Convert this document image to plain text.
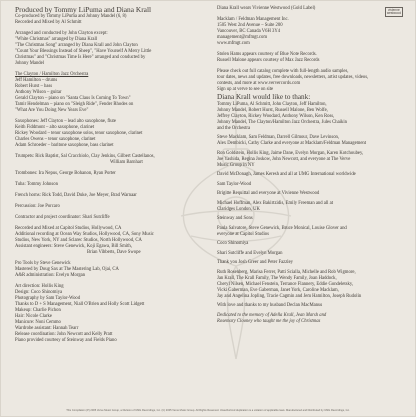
Produced by Tommy LiPuma and Diana Krall
Co-produced by Tommy LiPuma and Johnny Mandel (6, 8)
Recorded and Mixed by Al Schmitt
Arranged and conducted by John Clayton except:
"White Christmas" arranged by Diana Krall
"The Christmas Song" arranged by Diana Krall and John Clayton
"Count Your Blessings Instead of Sheep", "Have Yourself A Merry Little
Christmas" and "Christmas Time Is Here" arranged and conducted by
Johnny Mandel
The Clayton / Hamilton Jazz Orchestra
Jeff Hamilton – drums
Robert Hurst – bass
Anthony Wilson – guitar
Gerald Clayton – piano on "Santa Claus Is Coming To Town"
Tamir Hendelman – piano on "Sleigh Ride", Fender Rhodes on
"What Are You Doing New Years Eve"
Saxophones: Jeff Clayton – lead alto saxophone, flute
Keith Fiddmont – alto saxophone, clarinet
Rickey Woodard – tenor saxophone solos, tenor saxophone, clarinet
Charles Owens – tenor saxophone, clarinet
Adam Schroeder – baritone saxophone, bass clarinet
Trumpets: Rick Baptist, Sal Cracchiolo, Clay Jenkins, Gilbert Castellanos,
William Barnhart
Trombones: Ira Nepus, George Bohanon, Ryan Porter
Tuba: Tommy Johnson
French horns: Rick Todd, David Duke, Joe Meyer, Brad Warnaar
Percussion: Joe Porcaro
Contractor and project coordinator: Shari Sutcliffe
Recorded and Mixed at Capitol Studios, Hollywood, CA
Additional recording at Ocean Way Studios, Hollywood, CA, Sony Music
Studios, New York, NY and Sclarec Studios, North Hollywood, CA
Assistant engineers: Steve Genewick, Koji Egawa, Bill Smith,
Brian Vibberts, Dave Swope
Pro Tools by Steve Genewick
Mastered by Doug Sax at The Mastering Lab, Ojai, CA
A&R administration: Evelyn Morgan
Art direction: Hollis King
Design: Coco Shinomiya
Photography by Sam Taylor-Wood
Thanks to D + S Management, Niall O'Brien and Holly Scott Lidgett
Makeup: Charlie Pichon
Hair: Nicole Clarke
Manicure: Noni Cemmo
Wardrobe assistant: Hannah Tearr
Release coordination: John Newcott and Kelly Pratt
Piano provided courtesy of Steinway and Fields Piano
vivienne
westwood
Diana Krall wears Vivienne Westwood (Gold Label)
Macklam / Feldman Management Inc.
1505 West 2nd Avenue – Suite 200
Vancouver, BC Canada V6H 3Y4
management@mfmgt.com
www.mfmgt.com
Stolen Hams appears courtesy of Blue Note Records.
Russell Malone appears courtesy of Max Jazz Records
Please check out full catalog complete with full-length audio samples,
tour dates, news and updates, free downloads, newsletters, artist updates, videos,
contests, and more at www.ververcords.com
Sign up at verve to see on site
Diana Krall would like to thank:
Tommy LiPuma, Al Schmitt, John Clayton, Jeff Hamilton,
Johnny Mandel, Robert Hurst, Russell Malone, Ben Wolfe,
Jeffrey Clayton, Rickey Woodard, Anthony Wilson, Ken Ross,
Johnny Mandel, The Clayton/Hamilton Jazz Orchestra, Jules Chaikin
and the Orchestra
Steve Macklam, Sam Feldman, Darrell Gilmour, Dave Levinson,
Alex Dembicki, Cathy Clarke and everyone at Macklam/Feldman Management
Ron Goldstein, Hollis King, Jaime Dane, Evelyn Morgan, Karen Kotchoubey,
Joe Yashida, Regina Joskow, John Newcott, and everyone at The Verve
Music Group in NY
David McDonagh, James Keresh and all at UMG International worldwide
Sam Taylor-Wood
Brigitte Requittal and everyone at Vivienne Westwood
Michael Hoffman, Alex Bakirtzidis, Emily Freeman and all at
Claridges London, UK
Steinway and Sons
Paula Salvatore, Steve Genewick, Bruce Monical, Louise Glover and
everyone at Capitol Studios
Coco Shinomiya
Shari Sutcliffe and Evelyn Morgan
Thank you Josh Greer and Peter Fazzley
Ruth Rosenberg, Marisa Ferrer, Patti Scialla, Michelle and Rob Wigmore,
Jan Krall, The Krall Family, The Wendy Family, Joan Haddock,
Cheryl Nilsen, Michael Fenstein, Terrance Flannery, Eddie Gondeletsky,
Vicki Gaberman, Eve Gaberman, Janet York, Caroline Macklam,
Jay and Angelina Jopling, Tracie Cagmin and Jem Hamilton, Joseph Rudolin
With love and thanks to my husband Declan MacManus
Dedicated to the memory of Adella Krall, Jean Marsh and
Rosemary Clooney who taught me the joy of Christmas
This Compilation (P) 2005 Verve Music Group, a Division of UMG Recordings, Inc. (C) 2005 Verve Music Group. All Rights Reserved. Unauthorized duplication is a violation of applicable laws. Manufactured and Distributed by UMG Recordings, Inc.
